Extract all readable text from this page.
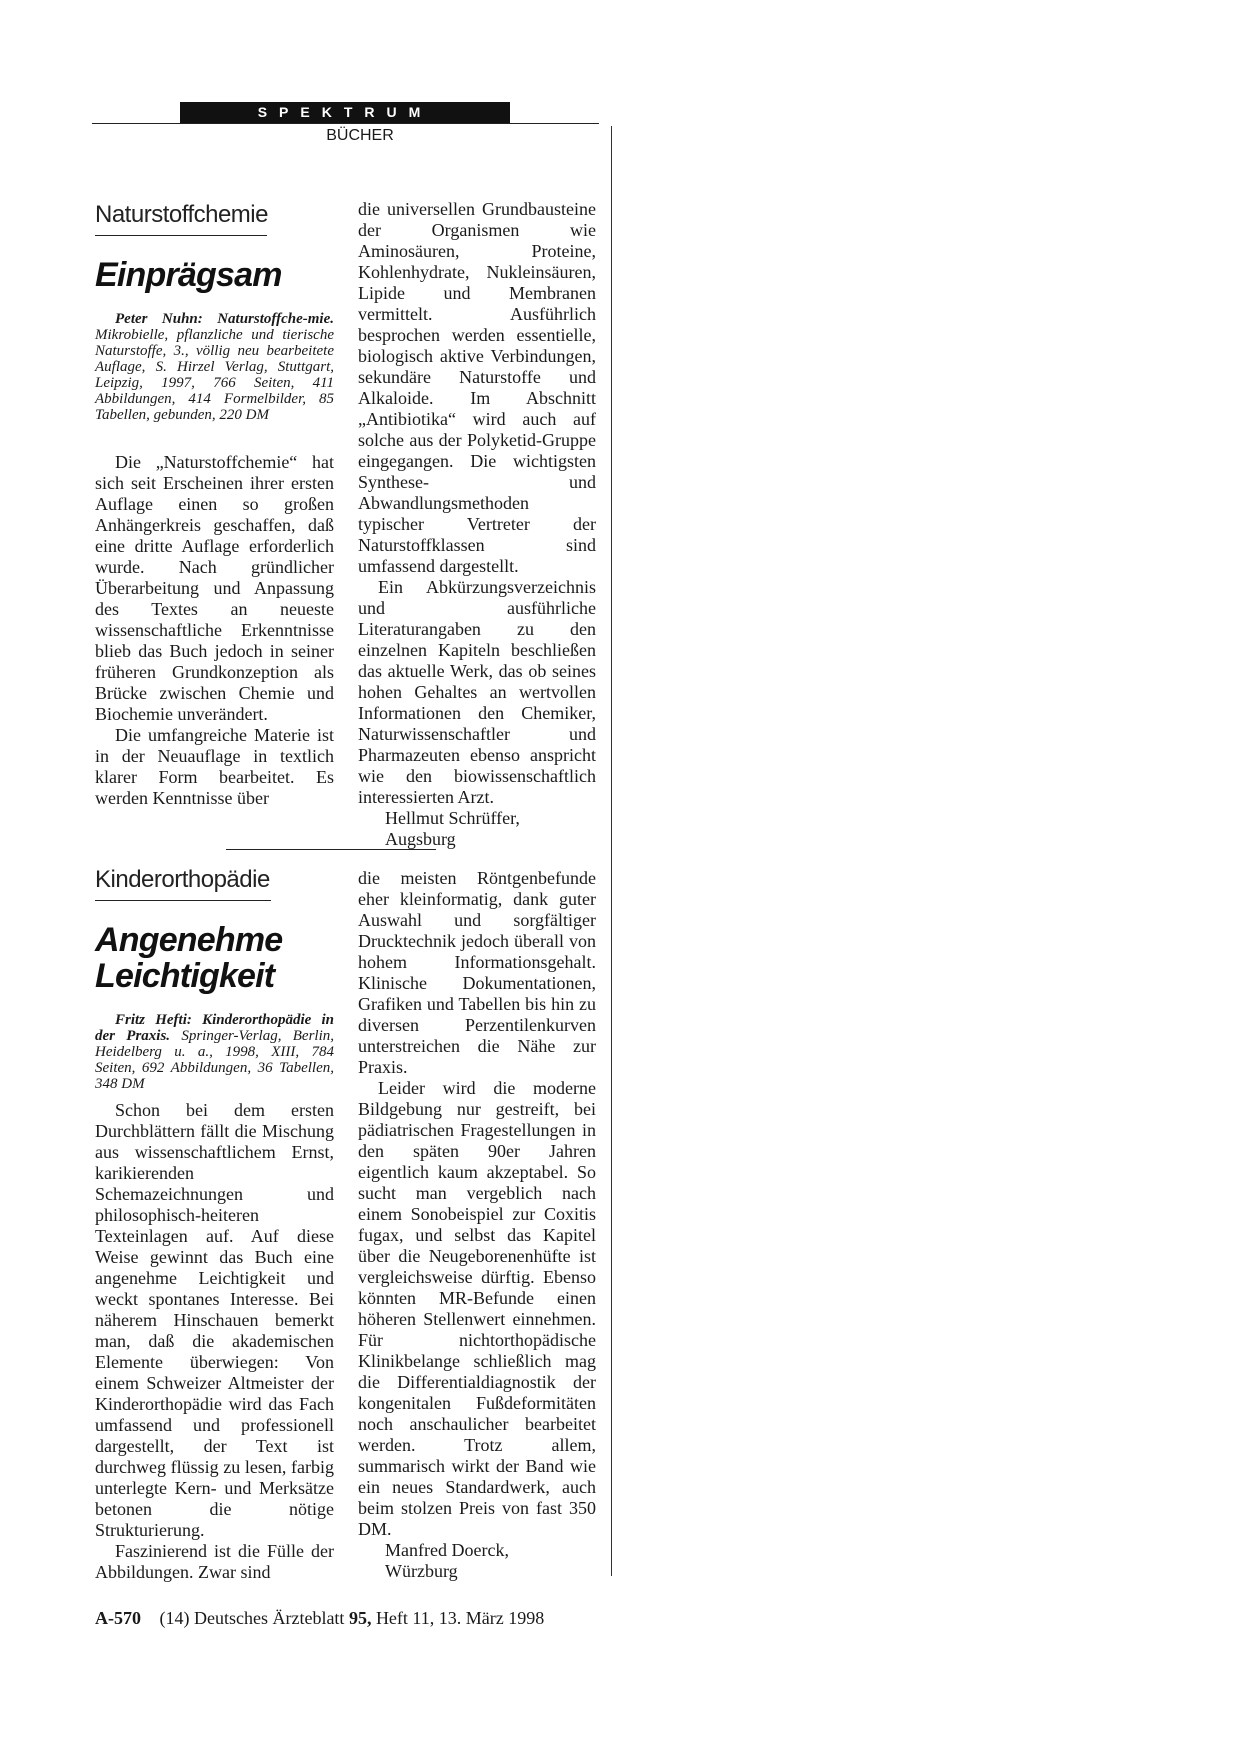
SPEKTRUM
BÜCHER
Naturstoffchemie
Einprägsam

Peter Nuhn: Naturstoffche-mie. Mikrobielle, pflanzliche und tierische Naturstoffe, 3., völlig neu bearbeitete Auflage, S. Hirzel Verlag, Stuttgart, Leipzig, 1997, 766 Seiten, 411 Abbildungen, 414 Formelbilder, 85 Tabellen, gebunden, 220 DM

Die „Naturstoffchemie“ hat sich seit Erscheinen ihrer ersten Auflage einen so großen Anhängerkreis geschaffen, daß eine dritte Auflage erforderlich wurde. Nach gründlicher Überarbeitung und Anpassung des Textes an neueste wissenschaftliche Erkenntnisse blieb das Buch jedoch in seiner früheren Grundkonzeption als Brücke zwischen Chemie und Biochemie unverändert.

Die umfangreiche Materie ist in der Neuauflage in textlich klarer Form bearbeitet. Es werden Kenntnisse über

die universellen Grundbausteine der Organismen wie Aminosäuren, Proteine, Kohlenhydrate, Nukleinsäuren, Lipide und Membranen vermittelt. Ausführlich besprochen werden essentielle, biologisch aktive Verbindungen, sekundäre Naturstoffe und Alkaloide. Im Abschnitt „Antibiotika“ wird auch auf solche aus der Polyketid-Gruppe eingegangen. Die wichtigsten Synthese- und Abwandlungsmethoden typischer Vertreter der Naturstoffklassen sind umfassend dargestellt.

Ein Abkürzungsverzeichnis und ausführliche Literaturangaben zu den einzelnen Kapiteln beschließen das aktuelle Werk, das ob seines hohen Gehaltes an wertvollen Informationen den Chemiker, Naturwissenschaftler und Pharmazeuten ebenso anspricht wie den biowissenschaftlich interessierten Arzt.

Hellmut Schrüffer,

Augsburg

Kinderorthopädie
Angenehme
Leichtigkeit

Fritz Hefti: Kinderorthopädie in der Praxis. Springer-Verlag, Berlin, Heidelberg u. a., 1998, XIII, 784 Seiten, 692 Abbildungen, 36 Tabellen, 348 DM

Schon bei dem ersten Durchblättern fällt die Mischung aus wissenschaftlichem Ernst, karikierenden Schemazeichnungen und philosophisch-heiteren Texteinlagen auf. Auf diese Weise gewinnt das Buch eine angenehme Leichtigkeit und weckt spontanes Interesse. Bei näherem Hinschauen bemerkt man, daß die akademischen Elemente überwiegen: Von einem Schweizer Altmeister der Kinderorthopädie wird das Fach umfassend und professionell dargestellt, der Text ist durchweg flüssig zu lesen, farbig unterlegte Kern- und Merksätze betonen die nötige Strukturierung.

Faszinierend ist die Fülle der Abbildungen. Zwar sind

die meisten Röntgenbefunde eher kleinformatig, dank guter Auswahl und sorgfältiger Drucktechnik jedoch überall von hohem Informationsgehalt. Klinische Dokumentationen, Grafiken und Tabellen bis hin zu diversen Perzentilenkurven unterstreichen die Nähe zur Praxis.

Leider wird die moderne Bildgebung nur gestreift, bei pädiatrischen Fragestellungen in den späten 90er Jahren eigentlich kaum akzeptabel. So sucht man vergeblich nach einem Sonobeispiel zur Coxitis fugax, und selbst das Kapitel über die Neugeborenenhüfte ist vergleichsweise dürftig. Ebenso könnten MR-Befunde einen höheren Stellenwert einnehmen. Für nichtorthopädische Klinikbelange schließlich mag die Differentialdiagnostik der kongenitalen Fußdeformitäten noch anschaulicher bearbeitet werden. Trotz allem, summarisch wirkt der Band wie ein neues Standardwerk, auch beim stolzen Preis von fast 350 DM.

Manfred Doerck,

Würzburg

A-570 (14) Deutsches Ärzteblatt 95, Heft 11, 13. März 1998
